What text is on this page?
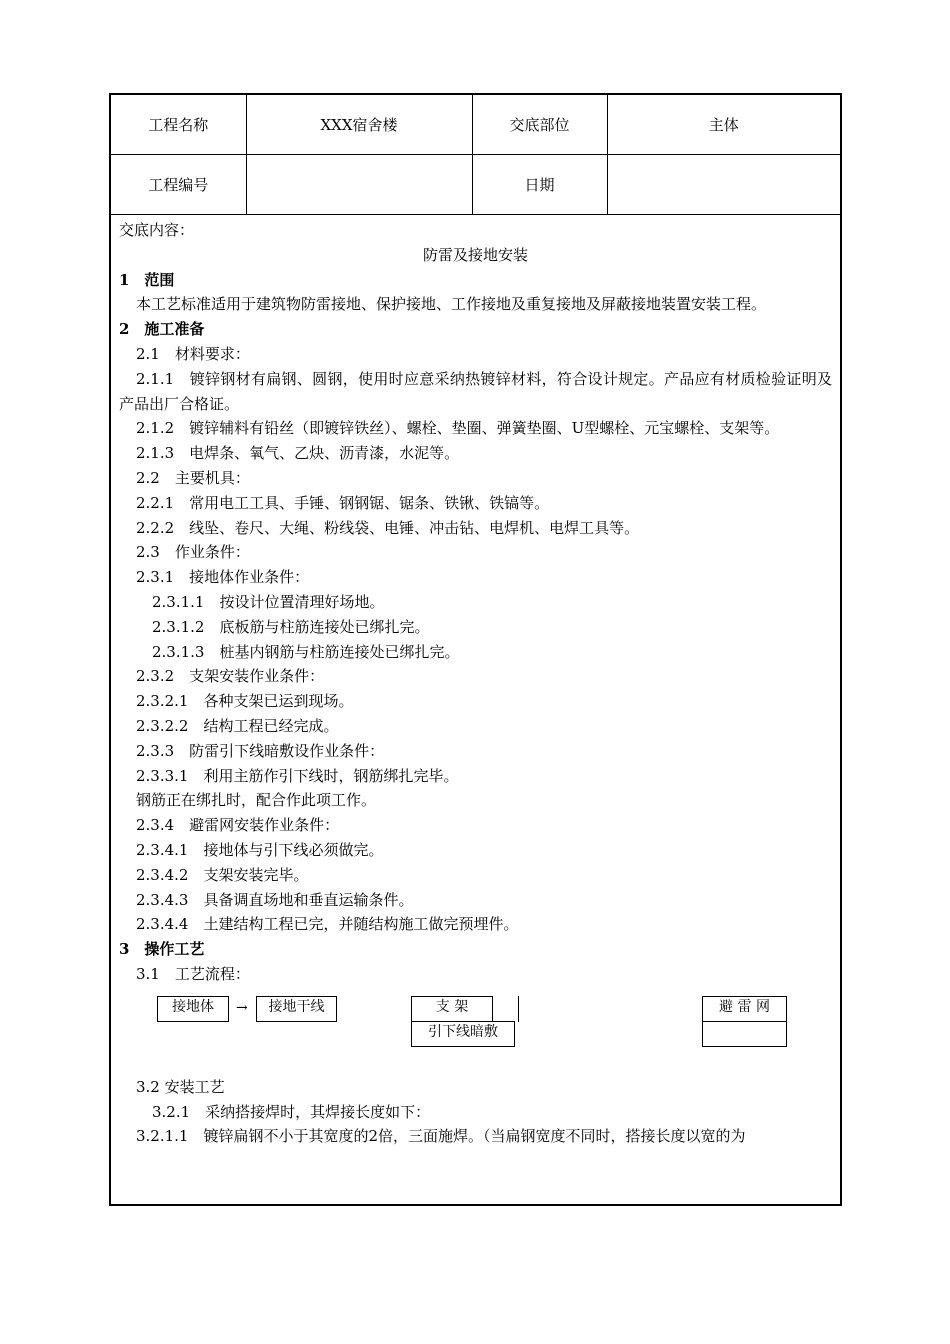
工程名称	XXX宿舍楼	交底部位	主体
工程编号		日期	
交底内容：
防雷及接地安装
1　范围
本工艺标准适用于建筑物防雷接地、保护接地、工作接地及重复接地及屏蔽接地装置安装工程。
2　施工准备
2.1　材料要求：
2.1.1　镀锌钢材有扁钢、圆钢，使用时应意采纳热镀锌材料，符合设计规定。产品应有材质检验证明及产品出厂合格证。
2.1.2　镀锌辅料有铅丝（即镀锌铁丝）、螺栓、垫圈、弹簧垫圈、U型螺栓、元宝螺栓、支架等。
2.1.3　电焊条、氧气、乙炔、沥青漆，水泥等。
2.2　主要机具：
2.2.1　常用电工工具、手锤、钢钢锯、锯条、铁锹、铁镐等。
2.2.2　线坠、卷尺、大绳、粉线袋、电锤、冲击钻、电焊机、电焊工具等。
2.3　作业条件：
2.3.1　接地体作业条件：
2.3.1.1　按设计位置清理好场地。
2.3.1.2　底板筋与柱筋连接处已绑扎完。
2.3.1.3　桩基内钢筋与柱筋连接处已绑扎完。
2.3.2　支架安装作业条件：
2.3.2.1　各种支架已运到现场。
2.3.2.2　结构工程已经完成。
2.3.3　防雷引下线暗敷设作业条件：
2.3.3.1　利用主筋作引下线时，钢筋绑扎完毕。
钢筋正在绑扎时，配合作此项工作。
2.3.4　避雷网安装作业条件：
2.3.4.1　接地体与引下线必须做完。
2.3.4.2　支架安装完毕。
2.3.4.3　具备调直场地和垂直运输条件。
2.3.4.4　土建结构工程已完，并随结构施工做完预埋件。
3　操作工艺
3.1　工艺流程：
接地体	→	接地干线	支 架
引下线暗敷
避 雷 网
3.2 安装工艺
3.2.1　采纳搭接焊时，其焊接长度如下：
3.2.1.1　镀锌扁钢不小于其宽度的2倍，三面施焊。（当扁钢宽度不同时，搭接长度以宽的为
